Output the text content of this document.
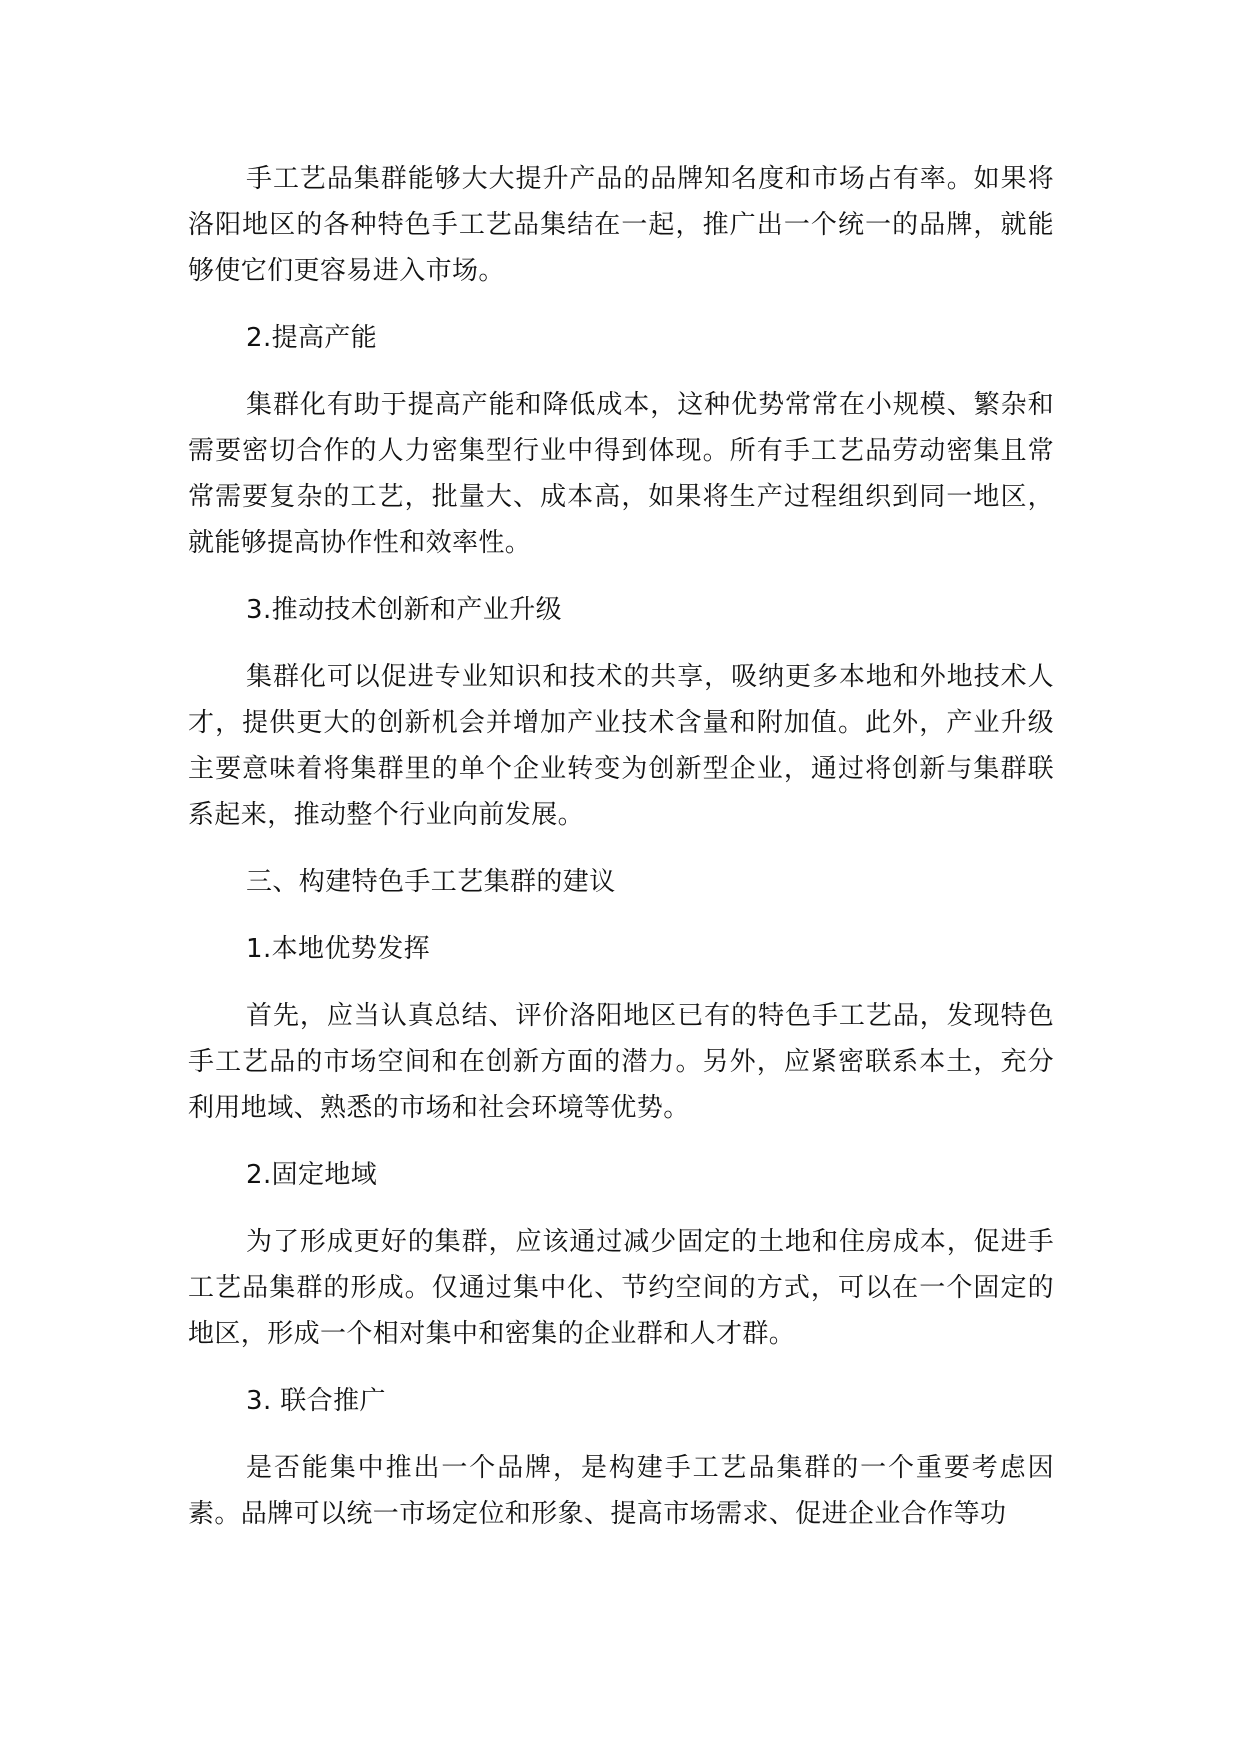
手工艺品集群能够大大提升产品的品牌知名度和市场占有率。如果将洛阳地区的各种特色手工艺品集结在一起，推广出一个统一的品牌，就能够使它们更容易进入市场。

2.提高产能

集群化有助于提高产能和降低成本，这种优势常常在小规模、繁杂和需要密切合作的人力密集型行业中得到体现。所有手工艺品劳动密集且常常需要复杂的工艺，批量大、成本高，如果将生产过程组织到同一地区，就能够提高协作性和效率性。

3.推动技术创新和产业升级

集群化可以促进专业知识和技术的共享，吸纳更多本地和外地技术人才，提供更大的创新机会并增加产业技术含量和附加值。此外，产业升级主要意味着将集群里的单个企业转变为创新型企业，通过将创新与集群联系起来，推动整个行业向前发展。

三、构建特色手工艺集群的建议

1.本地优势发挥

首先，应当认真总结、评价洛阳地区已有的特色手工艺品，发现特色手工艺品的市场空间和在创新方面的潜力。另外，应紧密联系本土，充分利用地域、熟悉的市场和社会环境等优势。

2.固定地域

为了形成更好的集群，应该通过减少固定的土地和住房成本，促进手工艺品集群的形成。仅通过集中化、节约空间的方式，可以在一个固定的地区，形成一个相对集中和密集的企业群和人才群。

3. 联合推广

是否能集中推出一个品牌，是构建手工艺品集群的一个重要考虑因素。品牌可以统一市场定位和形象、提高市场需求、促进企业合作等功
